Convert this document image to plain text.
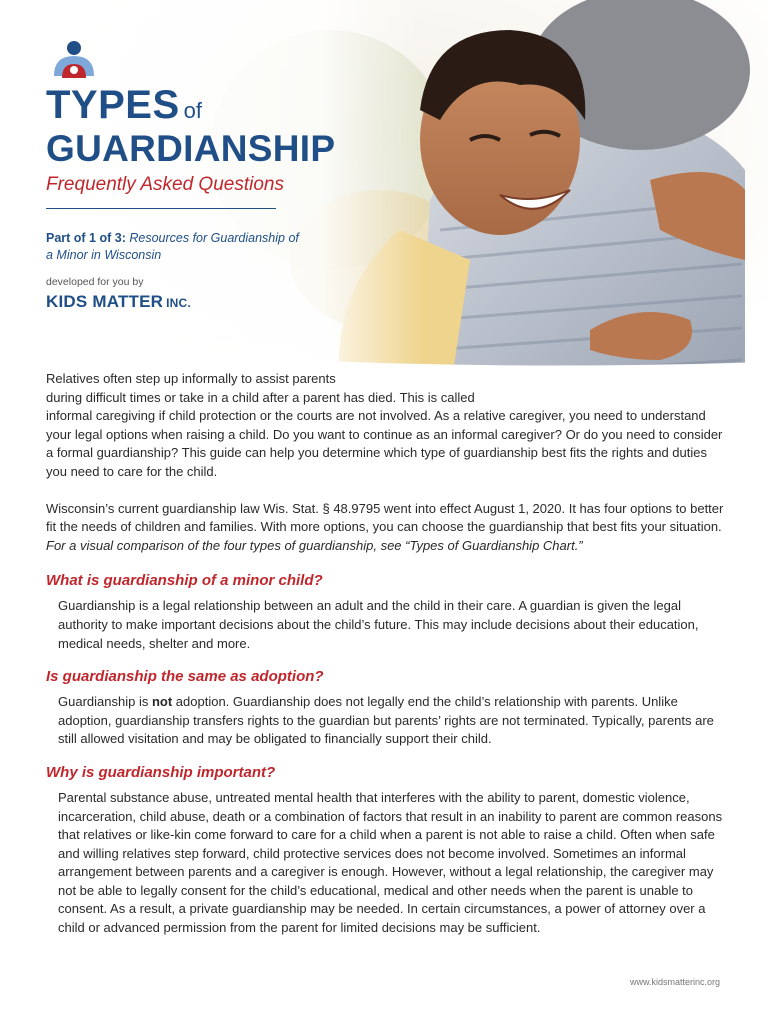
TYPES of
GUARDIANSHIP
Frequently Asked Questions
Part of 1 of 3: Resources for Guardianship of a Minor in Wisconsin
developed for you by
KIDS MATTER INC.
Relatives often step up informally to assist parents
during difficult times or take in a child after a parent has died. This is called
informal caregiving if child protection or the courts are not involved. As a relative caregiver, you need to understand your legal options when raising a child. Do you want to continue as an informal caregiver? Or do you need to consider a formal guardianship? This guide can help you determine which type of guardianship best fits the rights and duties you need to care for the child.
Wisconsin’s current guardianship law Wis. Stat. § 48.9795 went into effect August 1, 2020. It has four options to better fit the needs of children and families. With more options, you can choose the guardianship that best fits your situation. For a visual comparison of the four types of guardianship, see “Types of Guardianship Chart.”
What is guardianship of a minor child?
Guardianship is a legal relationship between an adult and the child in their care. A guardian is given the legal authority to make important decisions about the child’s future. This may include decisions about their education, medical needs, shelter and more.
Is guardianship the same as adoption?
Guardianship is not adoption. Guardianship does not legally end the child’s relationship with parents. Unlike adoption, guardianship transfers rights to the guardian but parents’ rights are not terminated. Typically, parents are still allowed visitation and may be obligated to financially support their child.
Why is guardianship important?
Parental substance abuse, untreated mental health that interferes with the ability to parent, domestic violence, incarceration, child abuse, death or a combination of factors that result in an inability to parent are common reasons that relatives or like-kin come forward to care for a child when a parent is not able to raise a child. Often when safe and willing relatives step forward, child protective services does not become involved. Sometimes an informal arrangement between parents and a caregiver is enough. However, without a legal relationship, the caregiver may not be able to legally consent for the child’s educational, medical and other needs when the parent is unable to consent. As a result, a private guardianship may be needed. In certain circumstances, a power of attorney over a child or advanced permission from the parent for limited decisions may be sufficient.
www.kidsmatterinc.org
